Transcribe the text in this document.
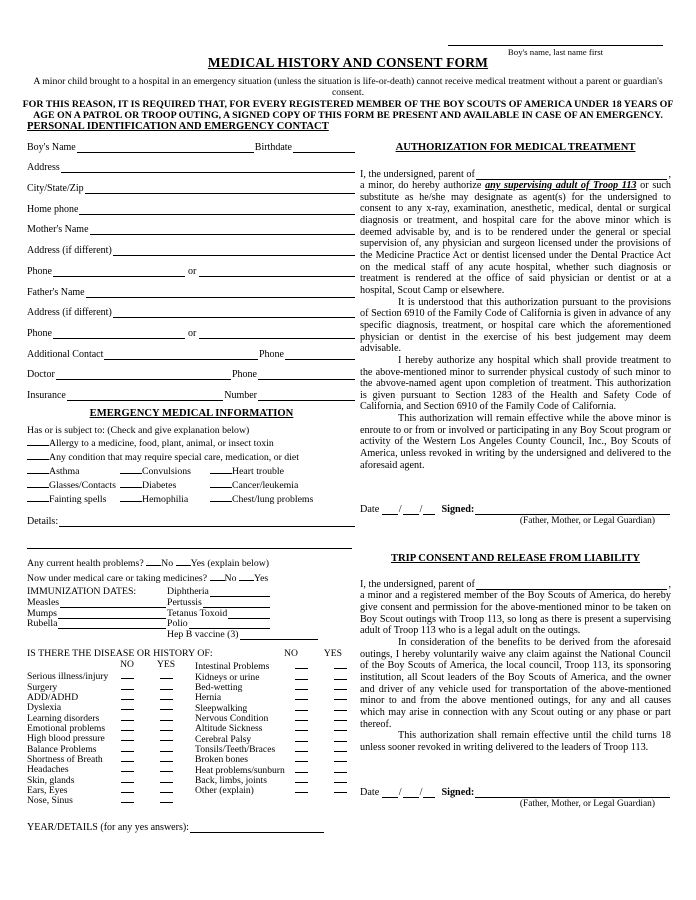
Boy's name, last name first
MEDICAL HISTORY AND CONSENT FORM
A minor child brought to a hospital in an emergency situation (unless the situation is life-or-death) cannot receive medical treatment without a parent or guardian's consent.
FOR THIS REASON, IT IS REQUIRED THAT, FOR EVERY REGISTERED MEMBER OF THE BOY SCOUTS OF AMERICA UNDER 18 YEARS OF AGE ON A PATROL OR TROOP OUTING, A SIGNED COPY OF THIS FORM BE PRESENT AND AVAILABLE IN CASE OF AN EMERGENCY.
PERSONAL IDENTIFICATION AND EMERGENCY CONTACT
Boy's Name	Birthdate
Address
City/State/Zip
Home phone
Mother's Name
Address (if different)
Phone	or
Father's Name
Address (if different)
Phone	or
Additional Contact	Phone
Doctor	Phone
Insurance	Number
EMERGENCY MEDICAL INFORMATION
Has or is subject to: (Check and give explanation below)
Allergy to a medicine, food, plant, animal, or insect toxin
Any condition that may require special care, medication, or diet
Asthma	Convulsions	Heart trouble
Glasses/Contacts	Diabetes	Cancer/leukemia
Fainting spells	Hemophilia	Chest/lung problems
Details:
Any current health problems? No Yes (explain below)
Now under medical care or taking medicines? No Yes
IMMUNIZATION DATES:
Measles
Mumps
Rubella
Diphtheria
Pertussis
Tetanus Toxoid
Polio
Hep B vaccine (3)
IS THERE THE DISEASE OR HISTORY OF:	NO	YES
NO	YES
Serious illness/injury
Surgery
ADD/ADHD
Dyslexia
Learning disorders
Emotional problems
High blood pressure
Balance Problems
Shortness of Breath
Headaches
Skin, glands
Ears, Eyes
Nose, Sinus
Intestinal Problems
Kidneys or urine
Bed-wetting
Hernia
Sleepwalking
Nervous Condition
Altitude Sickness
Cerebral Palsy
Tonsils/Teeth/Braces
Broken bones
Heat problems/sunburn
Back, limbs, joints
Other (explain)
YEAR/DETAILS (for any yes answers):
AUTHORIZATION FOR MEDICAL TREATMENT
I, the undersigned, parent of	,
a minor, do hereby authorize any supervising adult of Troop 113 or such substitute as he/she may designate as agent(s) for the undersigned to consent to any x-ray, examination, anesthetic, medical, dental or surgical diagnosis or treatment, and hospital care for the above minor which is deemed advisable by, and is to be rendered under the general or special supervision of, any physician and surgeon licensed under the provisions of the Medicine Practice Act or dentist licensed under the Dental Practice Act on the medical staff of any acute hospital, whether such diagnosis or treatment is rendered at the office of said physician or dentist or at a hospital, Scout Camp or elsewhere.
It is understood that this authorization pursuant to the provisions of Section 6910 of the Family Code of California is given in advance of any specific diagnosis, treatment, or hospital care which the aforementioned physician or dentist in the exercise of his best judgement may deem advisable.
I hereby authorize any hospital which shall provide treatment to the above-mentioned minor to surrender physical custody of such minor to the abvove-named agent upon completion of treatment. This authorization is given pursuant to Section 1283 of the Health and Safety Code of California, and Section 6910 of the Family Code of California.
This authorization will remain effective while the above minor is enroute to or from or involved or participating in any Boy Scout program or activity of the Western Los Angeles County Council, Inc., Boy Scouts of America, unless revoked in writing by the undersigned and delivered to the aforesaid agent.
Date
/ /	Signed:
(Father, Mother, or Legal Guardian)
TRIP CONSENT AND RELEASE FROM LIABILITY
I, the undersigned, parent of	,
a minor and a registered member of the Boy Scouts of America, do hereby give consent and permission for the above-mentioned minor to be taken on Boy Scout outings with Troop 113, so long as there is present a supervising adult of Troop 113 who is a legal adult on the outings.
In consideration of the benefits to be derived from the aforesaid outings, I hereby voluntarily waive any claim against the National Council of the Boy Scouts of America, the local council, Troop 113, its sponsoring institution, all Scout leaders of the Boy Scouts of America, and the owner and driver of any vehicle used for transportation of the above-mentioned minor to and from the above mentioned outings, for any and all causes which may arise in connection with any Scout outing or any phase or part thereof.
This authorization shall remain effective until the child turns 18 unless sooner revoked in writing delivered to the leaders of Troop 113.
Date
/ /	Signed:
(Father, Mother, or Legal Guardian)
